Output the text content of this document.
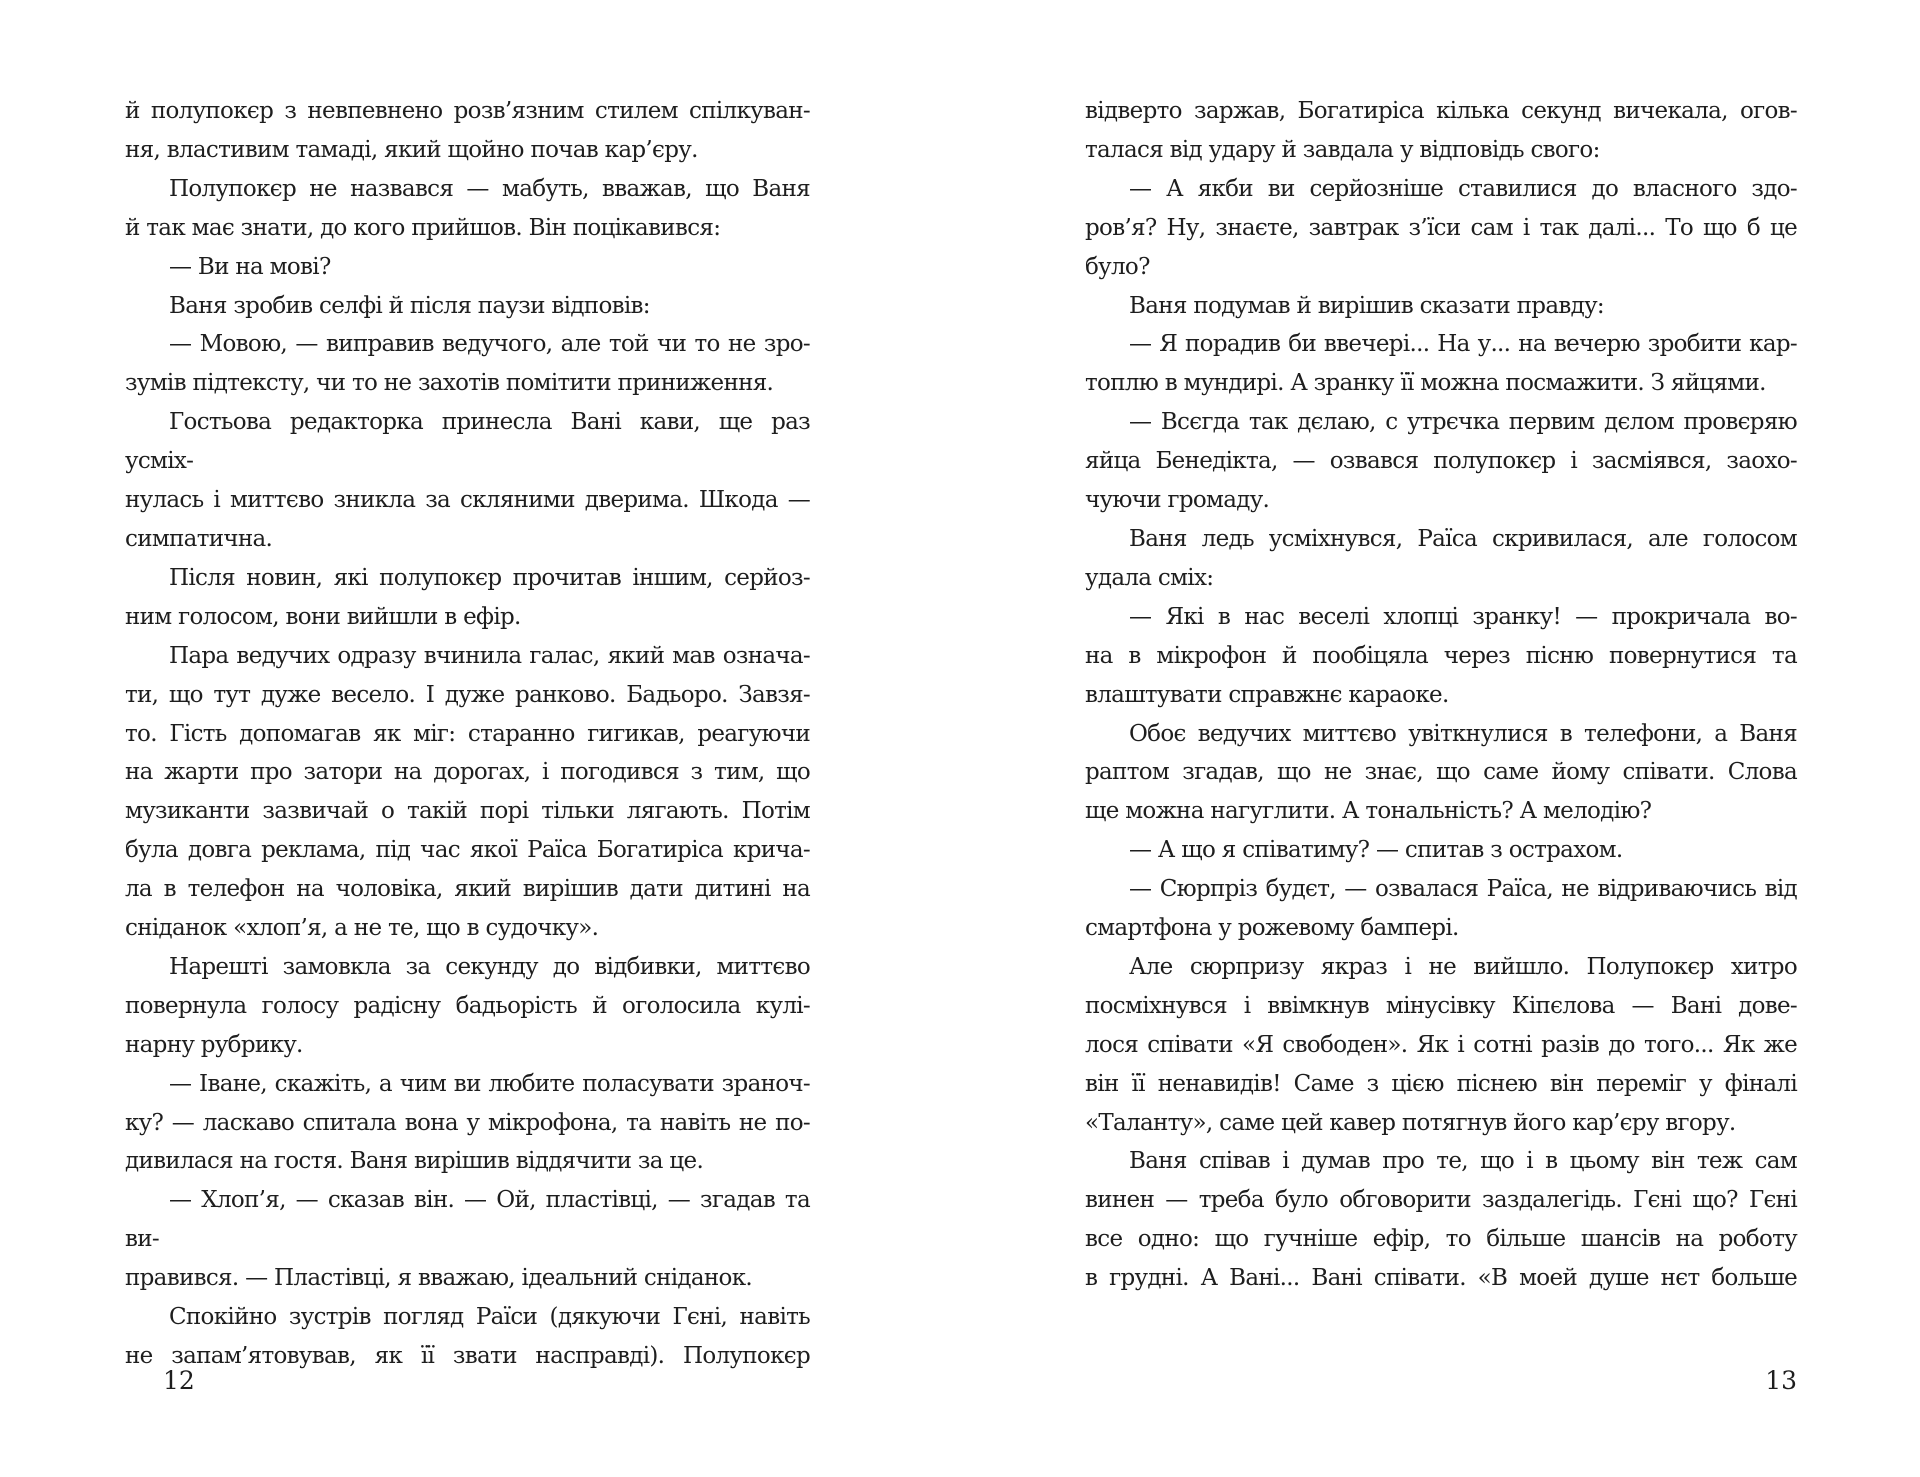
й полупокєр з невпевнено розв’язним стилем спілкуван-
ня, властивим тамаді, який щойно почав кар’єру.
Полупокєр не назвався — мабуть, вважав, що Ваня
й так має знати, до кого прийшов. Він поцікавився:
— Ви на мові?
Ваня зробив селфі й після паузи відповів:
— Мовою, — виправив ведучого, але той чи то не зро-
зумів підтексту, чи то не захотів помітити приниження.
Гостьова редакторка принесла Вані кави, ще раз усміх-
нулась і миттєво зникла за скляними дверима. Шкода —
симпатична.
Після новин, які полупокєр прочитав іншим, серйоз-
ним голосом, вони вийшли в ефір.
Пара ведучих одразу вчинила галас, який мав означа-
ти, що тут дуже весело. І дуже ранково. Бадьоро. Завзя-
то. Гість допомагав як міг: старанно гигикав, реагуючи
на жарти про затори на дорогах, і погодився з тим, що
музиканти зазвичай о такій порі тільки лягають. Потім
була довга реклама, під час якої Раїса Богатиріса крича-
ла в телефон на чоловіка, який вирішив дати дитині на
сніданок «хлоп’я, а не те, що в судочку».
Нарешті замовкла за секунду до відбивки, миттєво
повернула голосу радісну бадьорість й оголосила кулі-
нарну рубрику.
— Іване, скажіть, а чим ви любите поласувати зраноч-
ку? — ласкаво спитала вона у мікрофона, та навіть не по-
дивилася на гостя. Ваня вирішив віддячити за це.
— Хлоп’я, — сказав він. — Ой, пластівці, — згадав та ви-
правився. — Пластівці, я вважаю, ідеальний сніданок.
Спокійно зустрів погляд Раїси (дякуючи Гєні, навіть
не запам’ятовував, як її звати насправді). Полупокєр
відверто заржав, Богатиріса кілька секунд вичекала, огов-
талася від удару й завдала у відповідь свого:
— А якби ви серйозніше ставилися до власного здо-
ров’я? Ну, знаєте, завтрак з’їси сам і так далі... То що б це
було?
Ваня подумав й вирішив сказати правду:
— Я порадив би ввечері... На у... на вечерю зробити кар-
топлю в мундирі. А зранку її можна посмажити. З яйцями.
— Всєгда так дєлаю, с утрєчка первим дєлом провєряю
яйца Бенедікта, — озвався полупокєр і засміявся, заохо-
чуючи громаду.
Ваня ледь усміхнувся, Раїса скривилася, але голосом
удала сміх:
— Які в нас веселі хлопці зранку! — прокричала во-
на в мікрофон й пообіцяла через пісню повернутися та
влаштувати справжнє караоке.
Обоє ведучих миттєво увіткнулися в телефони, а Ваня
раптом згадав, що не знає, що саме йому співати. Слова
ще можна нагуглити. А тональність? А мелодію?
— А що я співатиму? — спитав з острахом.
— Сюрпріз будєт, — озвалася Раїса, не відриваючись від
смартфона у рожевому бампері.
Але сюрпризу якраз і не вийшло. Полупокєр хитро
посміхнувся і ввімкнув мінусівку Кіпєлова — Вані дове-
лося співати «Я свободен». Як і сотні разів до того... Як же
він її ненавидів! Саме з цією піснею він переміг у фіналі
«Таланту», саме цей кавер потягнув його кар’єру вгору.
Ваня співав і думав про те, що і в цьому він теж сам
винен — треба було обговорити заздалегідь. Гєні що? Гєні
все одно: що гучніше ефір, то більше шансів на роботу
в грудні. А Вані... Вані співати. «В моей душе нєт больше
12	13
